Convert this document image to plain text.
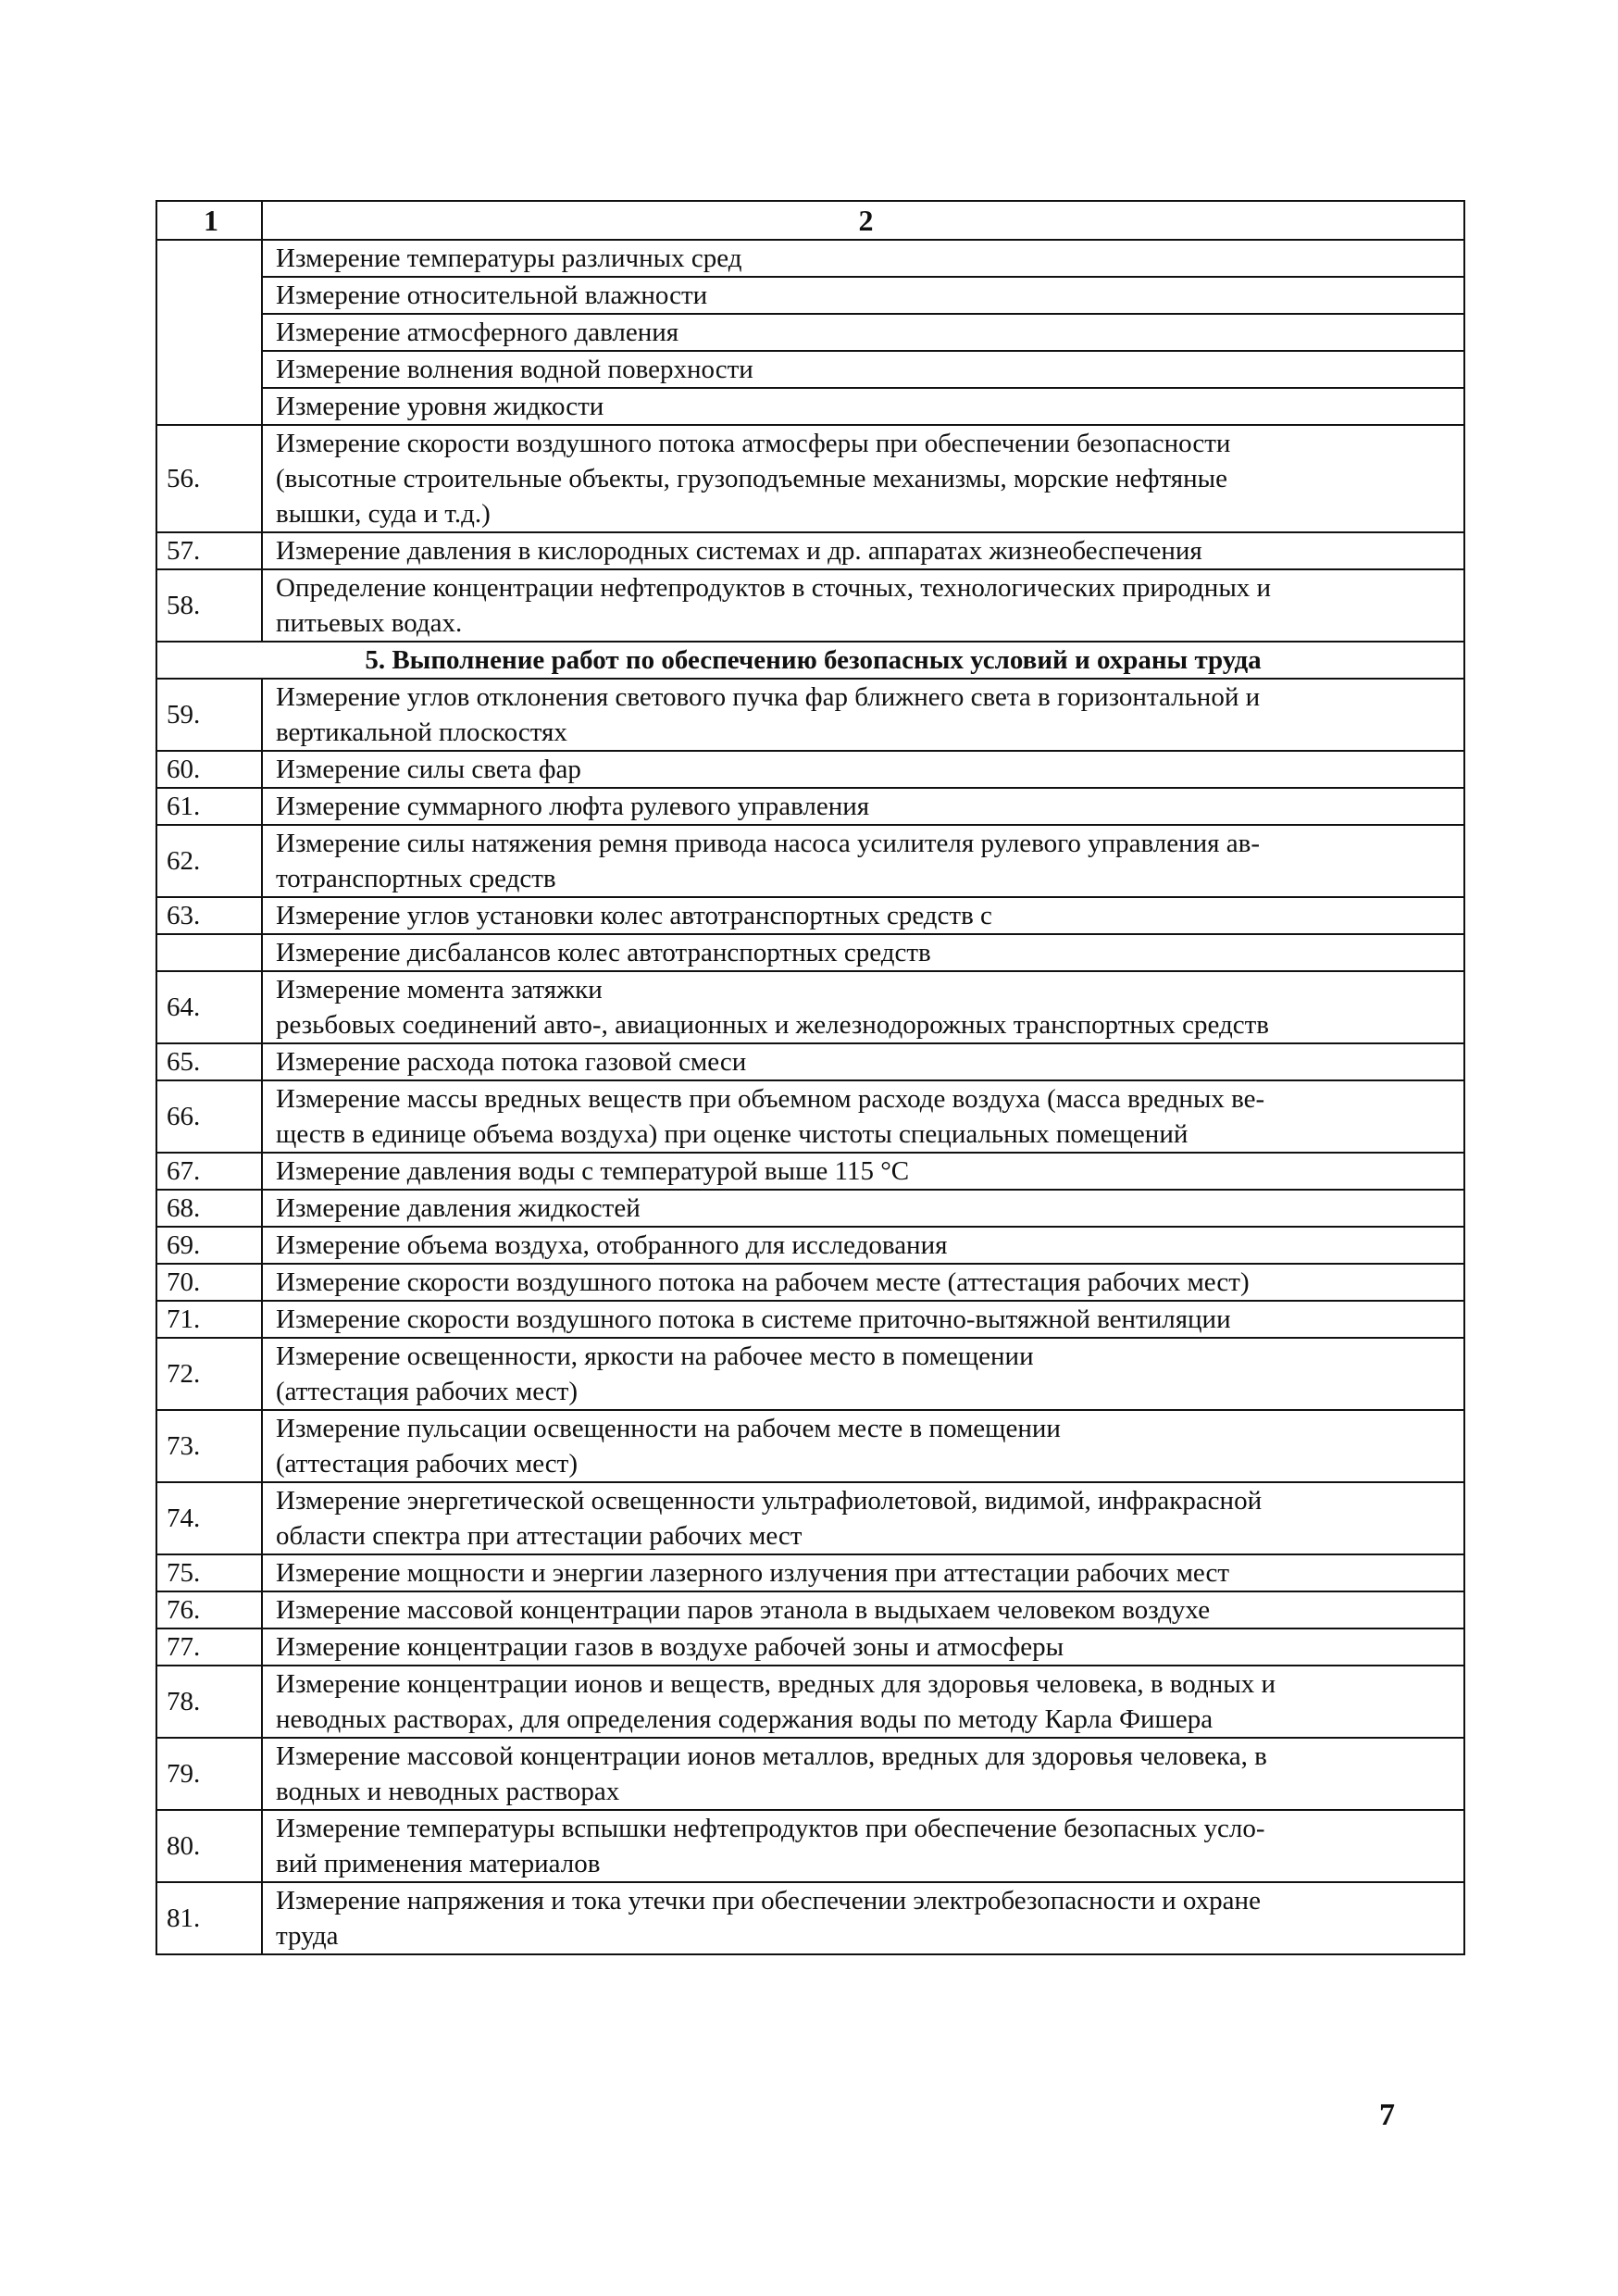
1	2

	Измерение температуры различных сред

	Измерение относительной влажности

	Измерение атмосферного давления

	Измерение волнения водной поверхности

	Измерение уровня жидкости

56.	Измерение скорости воздушного потока атмосферы при обеспечении безопасности
(высотные строительные объекты, грузоподъемные механизмы, морские нефтяные
вышки, суда и т.д.)

57.	Измерение давления в кислородных системах и др. аппаратах жизнеобеспечения

58.	Определение концентрации нефтепродуктов в сточных, технологических природных и
питьевых водах.

5. Выполнение работ по обеспечению безопасных условий и охраны труда	
59.	Измерение углов отклонения светового пучка фар ближнего света в горизонтальной и
вертикальной плоскостях

60.	Измерение силы света фар

61.	Измерение суммарного люфта рулевого управления

62.	Измерение силы натяжения ремня привода насоса усилителя рулевого управления ав-
тотранспортных средств

63.	Измерение углов установки колес автотранспортных средств с

	Измерение дисбалансов колес автотранспортных средств

64.	Измерение момента затяжки
резьбовых соединений авто-, авиационных и железнодорожных транспортных средств

65.	Измерение расхода потока газовой смеси

66.	Измерение массы вредных веществ при объемном расходе воздуха (масса вредных ве-
ществ в единице объема воздуха) при оценке чистоты специальных помещений

67.	Измерение давления воды с температурой выше 115 °С

68.	Измерение давления жидкостей

69.	Измерение объема воздуха, отобранного для исследования

70.	Измерение скорости воздушного потока на рабочем месте (аттестация рабочих мест)

71.	Измерение скорости воздушного потока в системе приточно-вытяжной вентиляции

72.	Измерение освещенности, яркости на рабочее место в помещении
(аттестация рабочих мест)

73.	Измерение пульсации освещенности на рабочем месте в помещении
(аттестация рабочих мест)

74.	Измерение энергетической освещенности ультрафиолетовой, видимой, инфракрасной
области спектра при аттестации рабочих мест

75.	Измерение мощности и энергии лазерного излучения при аттестации рабочих мест

76.	Измерение массовой концентрации паров этанола в выдыхаем человеком воздухе

77.	Измерение концентрации газов в воздухе рабочей зоны и атмосферы

78.	Измерение концентрации ионов и веществ, вредных для здоровья человека, в водных и
неводных растворах, для определения содержания воды по методу Карла Фишера

79.	Измерение массовой концентрации ионов металлов, вредных для здоровья человека, в
водных и неводных растворах

80.	Измерение температуры вспышки нефтепродуктов при обеспечение безопасных усло-
вий применения материалов

81.	Измерение напряжения и тока утечки при обеспечении электробезопасности и охране
труда
7
